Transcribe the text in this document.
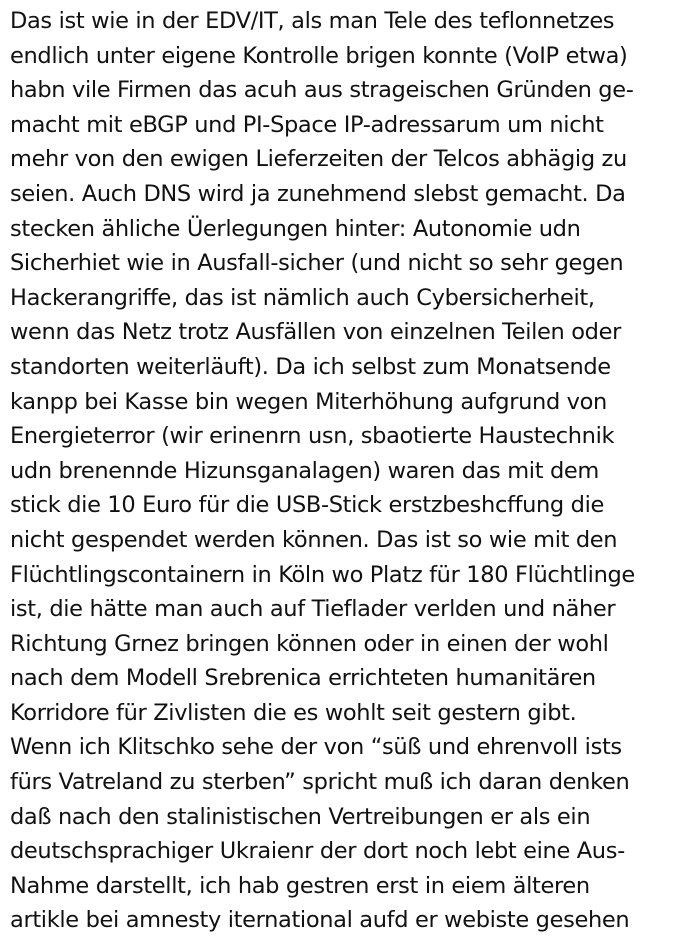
Das ist wie in der EDV/IT, als man Tele des teflonnetzes
endlich unter eigene Kontrolle brigen konnte (VoIP etwa)
habn vile Firmen das acuh aus strageischen Gründen ge-
macht mit eBGP und PI-Space IP-adressarum um nicht
mehr von den ewigen Lieferzeiten der Telcos abhägig zu
seien. Auch DNS wird ja zunehmend slebst gemacht. Da
stecken ähliche Üerlegungen hinter: Autonomie udn
Sicherhiet wie in Ausfall-sicher (und nicht so sehr gegen
Hackerangriffe, das ist nämlich auch Cybersicherheit,
wenn das Netz trotz Ausfällen von einzelnen Teilen oder
standorten weiterläuft). Da ich selbst zum Monatsende
kanpp bei Kasse bin wegen Miterhöhung aufgrund von
Energieterror (wir erinenrn usn, sbaotierte Haustechnik
udn brenennde Hizunsganalagen) waren das mit dem
stick die 10 Euro für die USB-Stick erstzbeshcffung die
nicht gespendet werden können. Das ist so wie mit den
Flüchtlingscontainern in Köln wo Platz für 180 Flüchtlinge
ist, die hätte man auch auf Tieflader verlden und näher
Richtung Grnez bringen können oder in einen der wohl
nach dem Modell Srebrenica errichteten humanitären
Korridore für Zivlisten die es wohlt seit gestern gibt.
Wenn ich Klitschko sehe der von “süß und ehrenvoll ists
fürs Vatreland zu sterben” spricht muß ich daran denken
daß nach den stalinistischen Vertreibungen er als ein
deutschsprachiger Ukraienr der dort noch lebt eine Aus-
Nahme darstellt, ich hab gestren erst in eiem älteren
artikle bei amnesty iternational aufd er webiste gesehen
